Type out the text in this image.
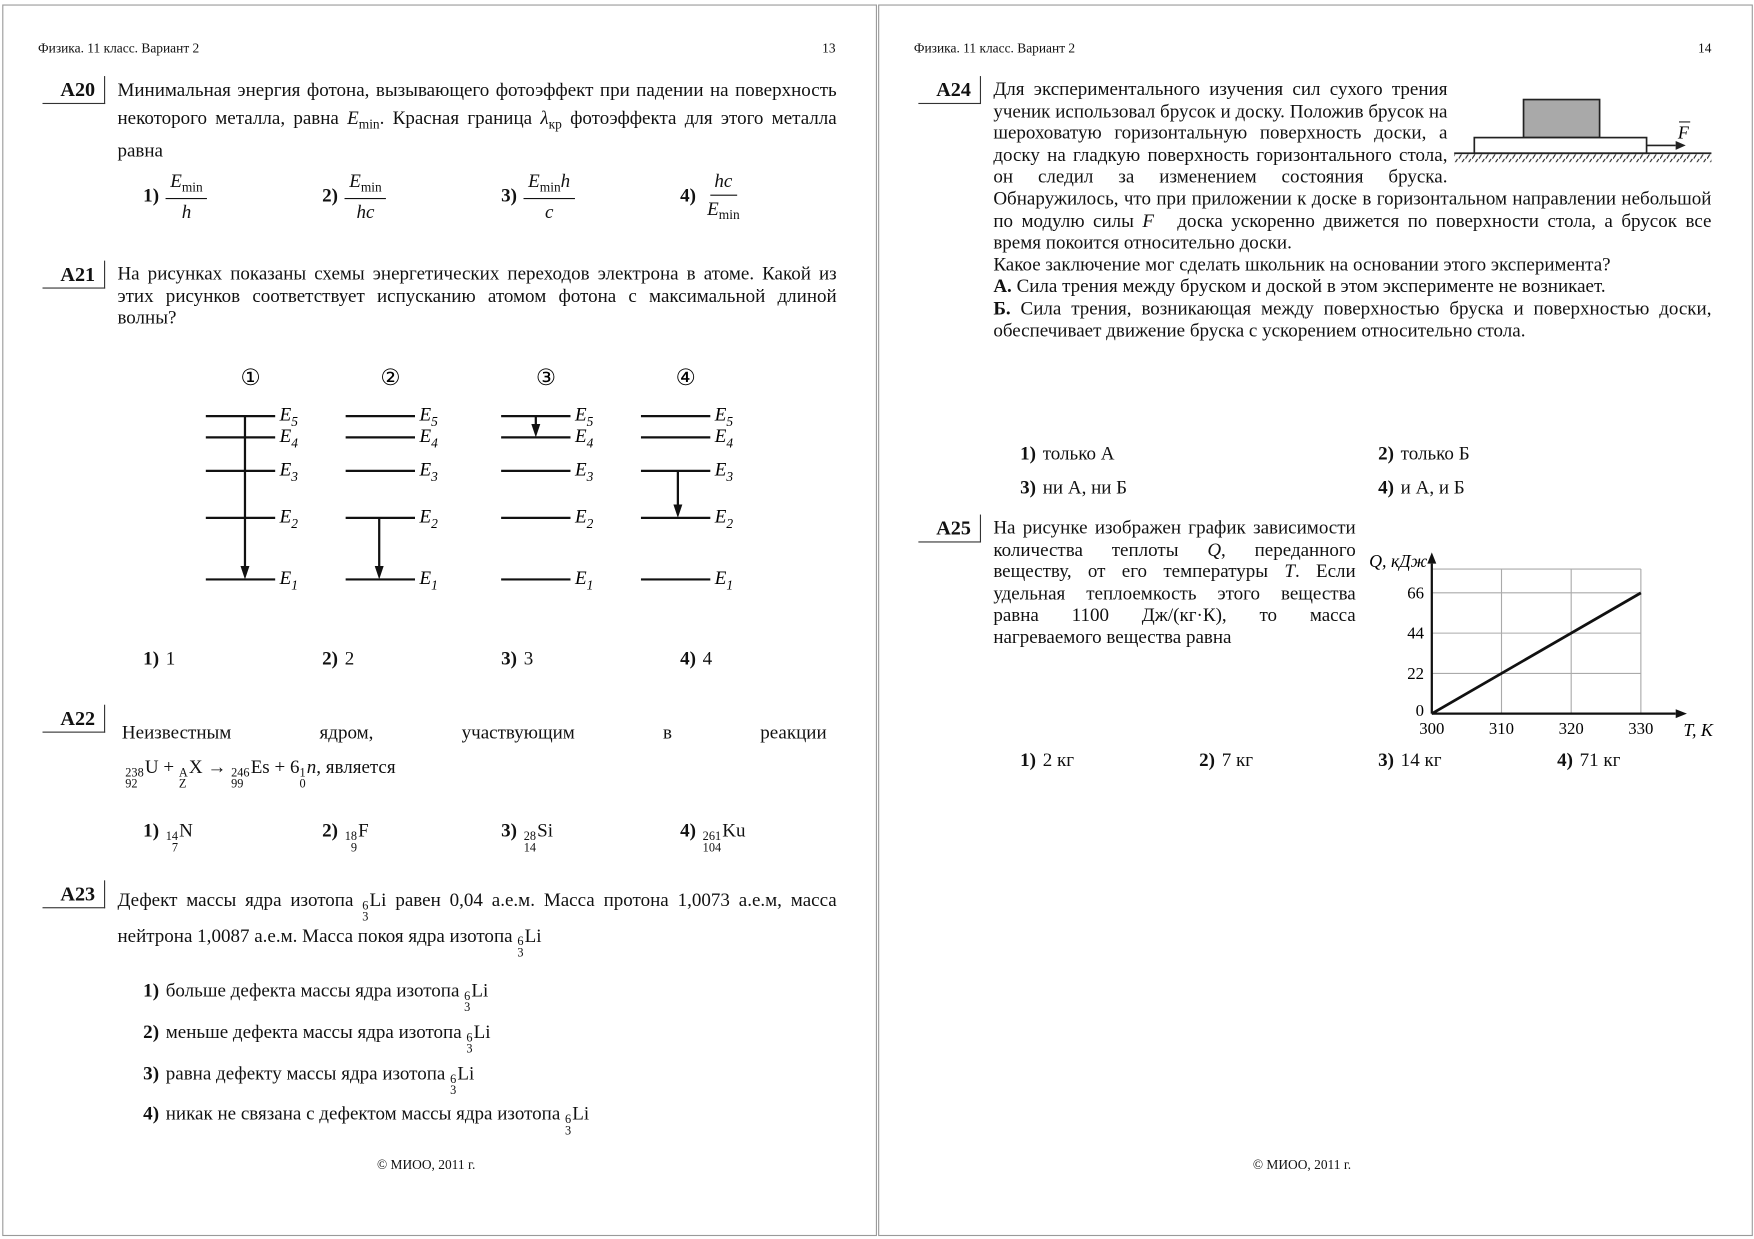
Физика. 11 класс. Вариант 2	13
A20	Минимальная энергия фотона, вызывающего фотоэффект при падении на поверхность некоторого металла, равна $E_{min}$. Красная граница $\lambda_{кр}$ фотоэффекта для этого металла равна
$1) \frac{E_{min}}{h}$	$2) \frac{E_{min}}{hc}$	$3) \frac{E_{min}h}{c}$	$4) \frac{hc}{E_{min}}$
A21	На рисунках показаны схемы энергетических переходов электрона в атоме. Какой из этих рисунков соответствует испусканию атомом фотона с максимальной длиной волны?
①
$E_5$
$E_4$
$E_3$
$E_2$
$E_1$
②
$E_5$
$E_4$
$E_3$
$E_2$
$E_1$
③
$E_5$
$E_4$
$E_3$
$E_2$
$E_1$
④
$E_5$
$E_4$
$E_3$
$E_2$
$E_1$
1) 1	2) 2	3) 3	4) 4
A22
Неизвестным ядром, участвующим в реакции
238
92
U + A
Z
X → 246
99
Es + 6 1
0
n, является
1) 14
7
N	2) 18
9
F	3) 28
14
Si	4) 261
104
Ku
A23	Дефект массы ядра изотопа 6
3
Li равен 0,04 а.е.м. Масса протона 1,0073 а.е.м, масса нейтрона 1,0087 а.е.м. Масса покоя ядра изотопа 6
3
Li
1) больше дефекта массы ядра изотопа 6
3
Li
2) меньше дефекта массы ядра изотопа 6
3
Li
3) равна дефекту массы ядра изотопа 6
3
Li
4) никак не связана с дефектом массы ядра изотопа 6
3
Li
© МИОО, 2011 г.
Физика. 11 класс. Вариант 2	14
A24
F
Для экспериментального изучения сил сухого трения ученик использовал брусок и доску. Положив брусок на шероховатую горизонтальную поверхность доски, а доску на гладкую поверхность горизонтального стола, он следил за изменением состояния бруска. Обнаружилось, что при приложении к доске в горизонтальном направлении небольшой по модулю силы F⃗ доска ускоренно движется по поверхности стола, а брусок все время покоится относительно доски.
Какое заключение мог сделать школьник на основании этого эксперимента?
А. Сила трения между бруском и доской в этом эксперименте не возникает.
Б. Сила трения, возникающая между поверхностью бруска и поверхностью доски, обеспечивает движение бруска с ускорением относительно стола.
1) только А	2) только Б
3) ни А, ни Б	4) и А, и Б
A25	На рисунке изображен график зависимости количества теплоты Q, переданного веществу, от его температуры T. Если удельная теплоемкость этого вещества равна 1100 Дж/(кг·К), то масса нагреваемого вещества равна
300	310	320	330
0
22
44
66
T, К
Q, кДж
1) 2 кг	2) 7 кг	3) 14 кг	4) 71 кг
© МИОО, 2011 г.
